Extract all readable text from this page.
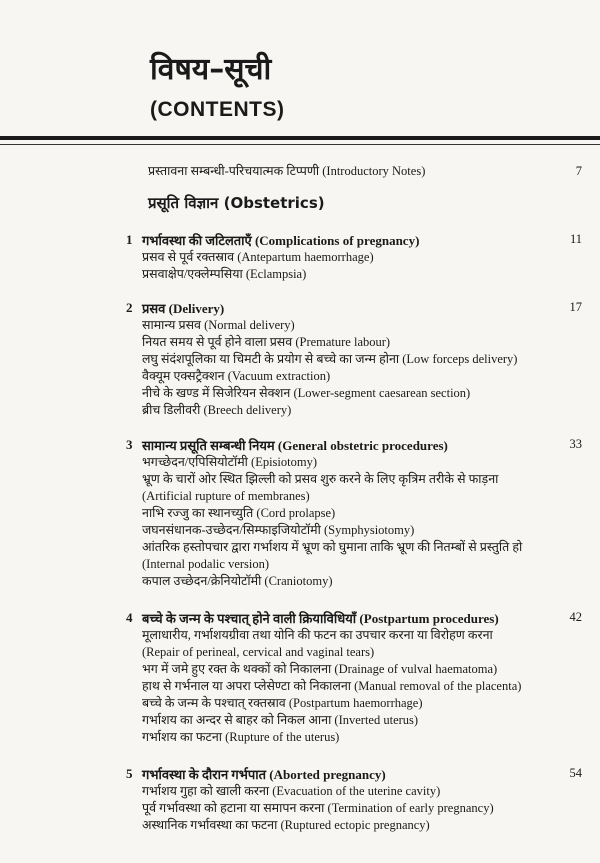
विषय–सूची
(CONTENTS)
प्रस्तावना सम्बन्धी-परिचयात्मक टिप्पणी (Introductory Notes)	7
प्रसूति विज्ञान (Obstetrics)
1 गर्भावस्था की जटिलताएँ (Complications of pregnancy)	11
प्रसव से पूर्व रक्तस्राव (Antepartum haemorrhage)
प्रसवाक्षेप/एक्लेम्पसिया (Eclampsia)
2 प्रसव (Delivery)	17
सामान्य प्रसव (Normal delivery)
नियत समय से पूर्व होने वाला प्रसव (Premature labour)
लघु संदंशपूलिका या चिमटी के प्रयोग से बच्चे का जन्म होना (Low forceps delivery)
वैक्यूम एक्सट्रैक्शन (Vacuum extraction)
नीचे के खण्ड में सिजेरियन सेक्शन (Lower-segment caesarean section)
ब्रीच डिलीवरी (Breech delivery)
3 सामान्य प्रसूति सम्बन्धी नियम (General obstetric procedures)	33
भगच्छेदन/एपिसियोटॉमी (Episiotomy)
भ्रूण के चारों ओर स्थित झिल्ली को प्रसव शुरु करने के लिए कृत्रिम तरीके से फाड़ना
(Artificial rupture of membranes)
नाभि रज्जु का स्थानच्युति (Cord prolapse)
जघनसंधानक-उच्छेदन/सिम्फाइजियोटॉमी (Symphysiotomy)
आंतरिक हस्तोपचार द्वारा गर्भाशय में भ्रूण को घुमाना ताकि भ्रूण की नितम्बों से प्रस्तुति हो
(Internal podalic version)
कपाल उच्छेदन/क्रेनियोटॉमी (Craniotomy)
4 बच्चे के जन्म के पश्चात् होने वाली क्रियाविधियाँ (Postpartum procedures)	42
मूलाधारीय, गर्भाशयग्रीवा तथा योनि की फटन का उपचार करना या विरोहण करना
(Repair of perineal, cervical and vaginal tears)
भग में जमे हुए रक्त के थक्कों को निकालना (Drainage of vulval haematoma)
हाथ से गर्भनाल या अपरा प्लेसेण्टा को निकालना (Manual removal of the placenta)
बच्चे के जन्म के पश्चात् रक्तस्राव (Postpartum haemorrhage)
गर्भाशय का अन्दर से बाहर को निकल आना (Inverted uterus)
गर्भाशय का फटना (Rupture of the uterus)
5 गर्भावस्था के दौरान गर्भपात (Aborted pregnancy)	54
गर्भाशय गुहा को खाली करना (Evacuation of the uterine cavity)
पूर्व गर्भावस्था को हटाना या समापन करना (Termination of early pregnancy)
अस्थानिक गर्भावस्था का फटना (Ruptured ectopic pregnancy)
